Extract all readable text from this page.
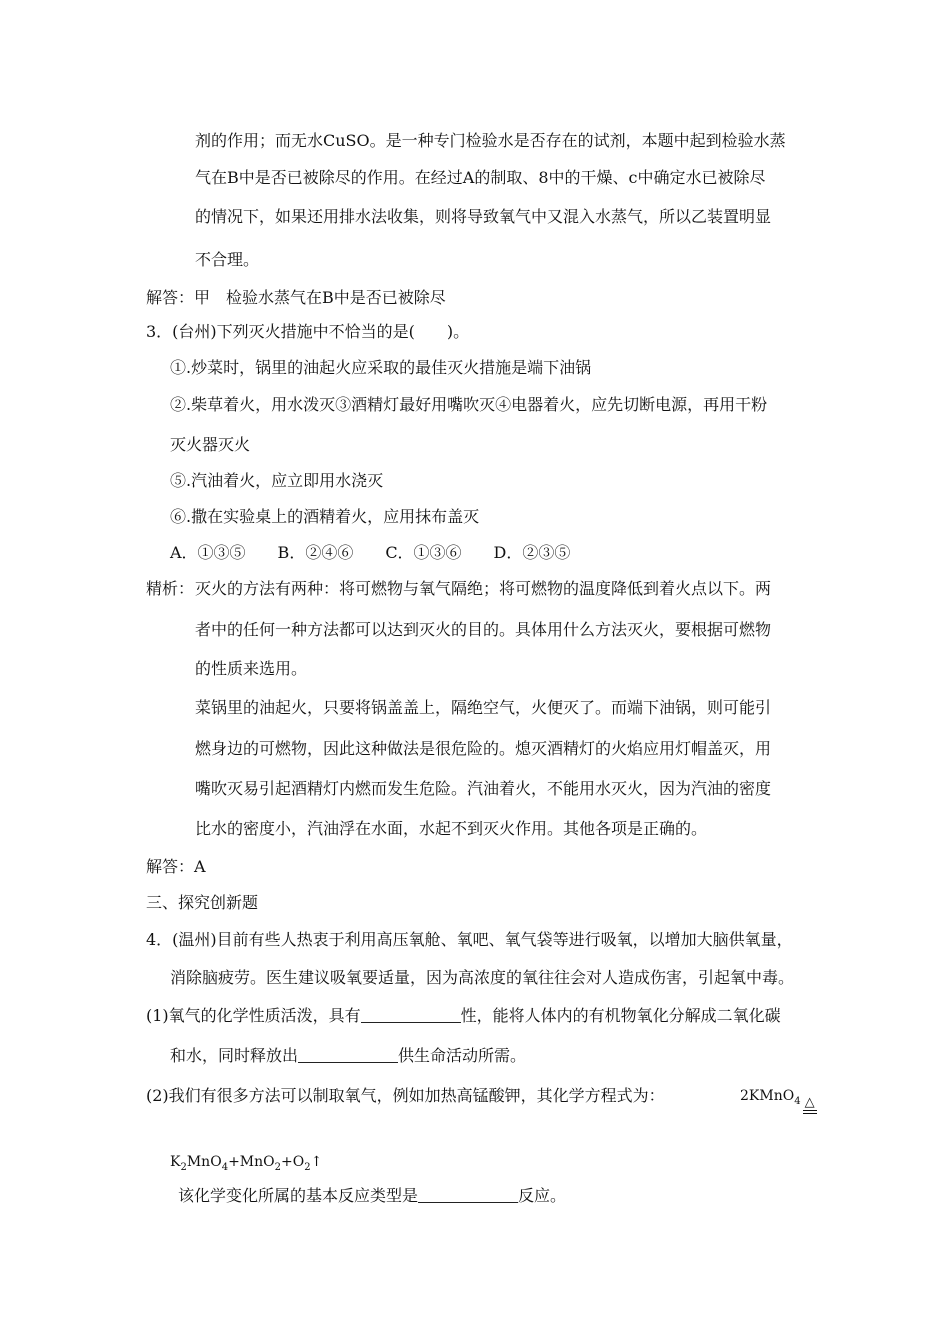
剂的作用；而无水CuSO。是一种专门检验水是否存在的试剂，本题中起到检验水蒸
气在B中是否已被除尽的作用。在经过A的制取、8中的干燥、c中确定水已被除尽
的情况下，如果还用排水法收集，则将导致氧气中又混入水蒸气，所以乙装置明显
不合理。
解答：甲　检验水蒸气在B中是否已被除尽
3．(台州)下列灭火措施中不恰当的是(　　)。
①.炒菜时，锅里的油起火应采取的最佳灭火措施是端下油锅
②.柴草着火，用水泼灭③酒精灯最好用嘴吹灭④电器着火，应先切断电源，再用干粉
灭火器灭火
⑤.汽油着火，应立即用水浇灭
⑥.撒在实验桌上的酒精着火，应用抹布盖灭
A．①③⑤　　B．②④⑥　　C．①③⑥　　D．②③⑤
精析： 灭火的方法有两种：将可燃物与氧气隔绝；将可燃物的温度降低到着火点以下。两
者中的任何一种方法都可以达到灭火的目的。具体用什么方法灭火，要根据可燃物
的性质来选用。
菜锅里的油起火，只要将锅盖盖上，隔绝空气，火便灭了。而端下油锅，则可能引
燃身边的可燃物，因此这种做法是很危险的。熄灭酒精灯的火焰应用灯帽盖灭，用
嘴吹灭易引起酒精灯内燃而发生危险。汽油着火，不能用水灭火，因为汽油的密度
比水的密度小，汽油浮在水面，水起不到灭火作用。其他各项是正确的。
解答：A
三、探究创新题
4．(温州)目前有些人热衷于利用高压氧舱、氧吧、氧气袋等进行吸氧，以增加大脑供氧量，
消除脑疲劳。医生建议吸氧要适量，因为高浓度的氧往往会对人造成伤害，引起氧中毒。
(1)氧气的化学性质活泼，具有	性，能将人体内的有机物氧化分解成二氧化碳
和水，同时释放出	供生命活动所需。
(2)我们有很多方法可以制取氧气，例如加热高锰酸钾，其化学方程式为：	2KMnO$_4$ △
$K_2MnO_4+MnO_2+O_2↑$
该化学变化所属的基本反应类型是	反应。
